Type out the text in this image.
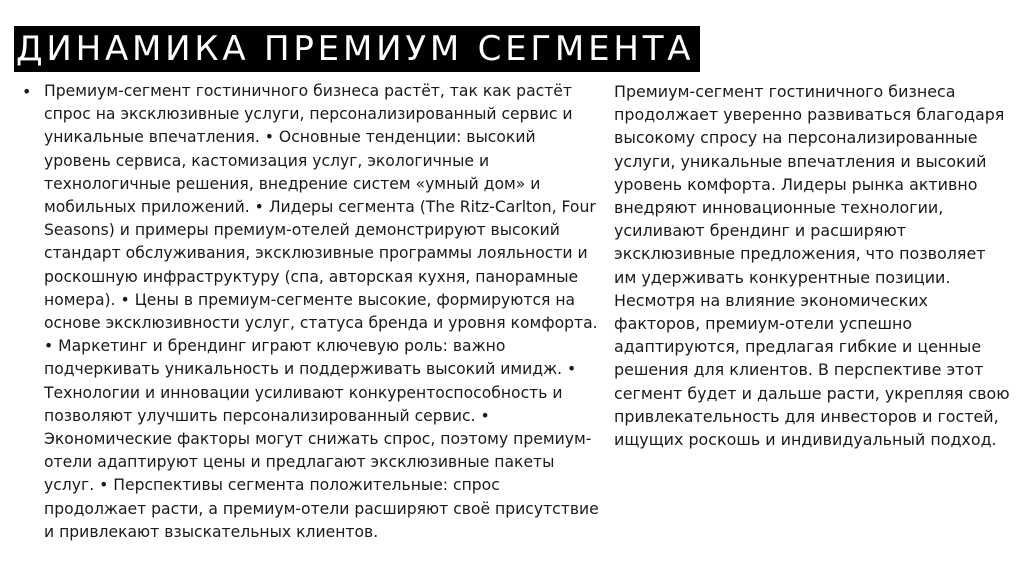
ДИНАМИКА ПРЕМИУМ СЕГМЕНТА
• Премиум-сегмент гостиничного бизнеса растёт, так как растёт спрос на эксклюзивные услуги, персонализированный сервис и уникальные впечатления. • Основные тенденции: высокий уровень сервиса, кастомизация услуг, экологичные и технологичные решения, внедрение систем «умный дом» и мобильных приложений. • Лидеры сегмента (The Ritz-Carlton, Four Seasons) и примеры премиум-отелей демонстрируют высокий стандарт обслуживания, эксклюзивные программы лояльности и роскошную инфраструктуру (спа, авторская кухня, панорамные номера). • Цены в премиум-сегменте высокие, формируются на основе эксклюзивности услуг, статуса бренда и уровня комфорта. • Маркетинг и брендинг играют ключевую роль: важно подчеркивать уникальность и поддерживать высокий имидж. • Технологии и инновации усиливают конкурентоспособность и позволяют улучшить персонализированный сервис. • Экономические факторы могут снижать спрос, поэтому премиум-отели адаптируют цены и предлагают эксклюзивные пакеты услуг. • Перспективы сегмента положительные: спрос продолжает расти, а премиум-отели расширяют своё присутствие и привлекают взыскательных клиентов.

Премиум-сегмент гостиничного бизнеса продолжает уверенно развиваться благодаря высокому спросу на персонализированные услуги, уникальные впечатления и высокий уровень комфорта. Лидеры рынка активно внедряют инновационные технологии, усиливают брендинг и расширяют эксклюзивные предложения, что позволяет им удерживать конкурентные позиции. Несмотря на влияние экономических факторов, премиум-отели успешно адаптируются, предлагая гибкие и ценные решения для клиентов. В перспективе этот сегмент будет и дальше расти, укрепляя свою привлекательность для инвесторов и гостей, ищущих роскошь и индивидуальный подход.
